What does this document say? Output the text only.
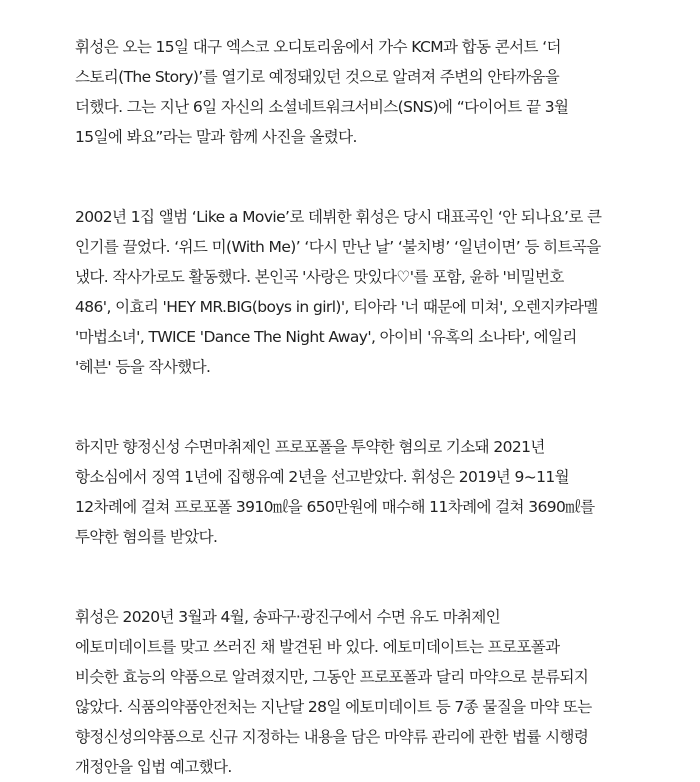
휘성은 오는 15일 대구 엑스코 오디토리움에서 가수 KCM과 합동 콘서트 ‘더
스토리(The Story)’를 열기로 예정돼있던 것으로 알려져 주변의 안타까움을
더했다. 그는 지난 6일 자신의 소셜네트워크서비스(SNS)에 “다이어트 끝 3월
15일에 봐요”라는 말과 함께 사진을 올렸다.

2002년 1집 앨범 ‘Like a Movie’로 데뷔한 휘성은 당시 대표곡인 ‘안 되나요’로 큰
인기를 끌었다. ‘위드 미(With Me)’ ‘다시 만난 날’ ‘불치병’ ‘일년이면’ 등 히트곡을
냈다. 작사가로도 활동했다. 본인곡 '사랑은 맛있다♡'를 포함, 윤하 '비밀번호
486', 이효리 'HEY MR.BIG(boys in girl)', 티아라 '너 때문에 미쳐', 오렌지캬라멜
'마법소녀', TWICE 'Dance The Night Away', 아이비 '유혹의 소나타', 에일리
'헤븐' 등을 작사했다.

하지만 향정신성 수면마취제인 프로포폴을 투약한 혐의로 기소돼 2021년
항소심에서 징역 1년에 집행유예 2년을 선고받았다. 휘성은 2019년 9~11월
12차례에 걸쳐 프로포폴 3910㎖을 650만원에 매수해 11차례에 걸쳐 3690㎖를
투약한 혐의를 받았다.

휘성은 2020년 3월과 4월, 송파구·광진구에서 수면 유도 마취제인
에토미데이트를 맞고 쓰러진 채 발견된 바 있다. 에토미데이트는 프로포폴과
비슷한 효능의 약품으로 알려졌지만, 그동안 프로포폴과 달리 마약으로 분류되지
않았다. 식품의약품안전처는 지난달 28일 에토미데이트 등 7종 물질을 마약 또는
향정신성의약품으로 신규 지정하는 내용을 담은 마약류 관리에 관한 법률 시행령
개정안을 입법 예고했다.
